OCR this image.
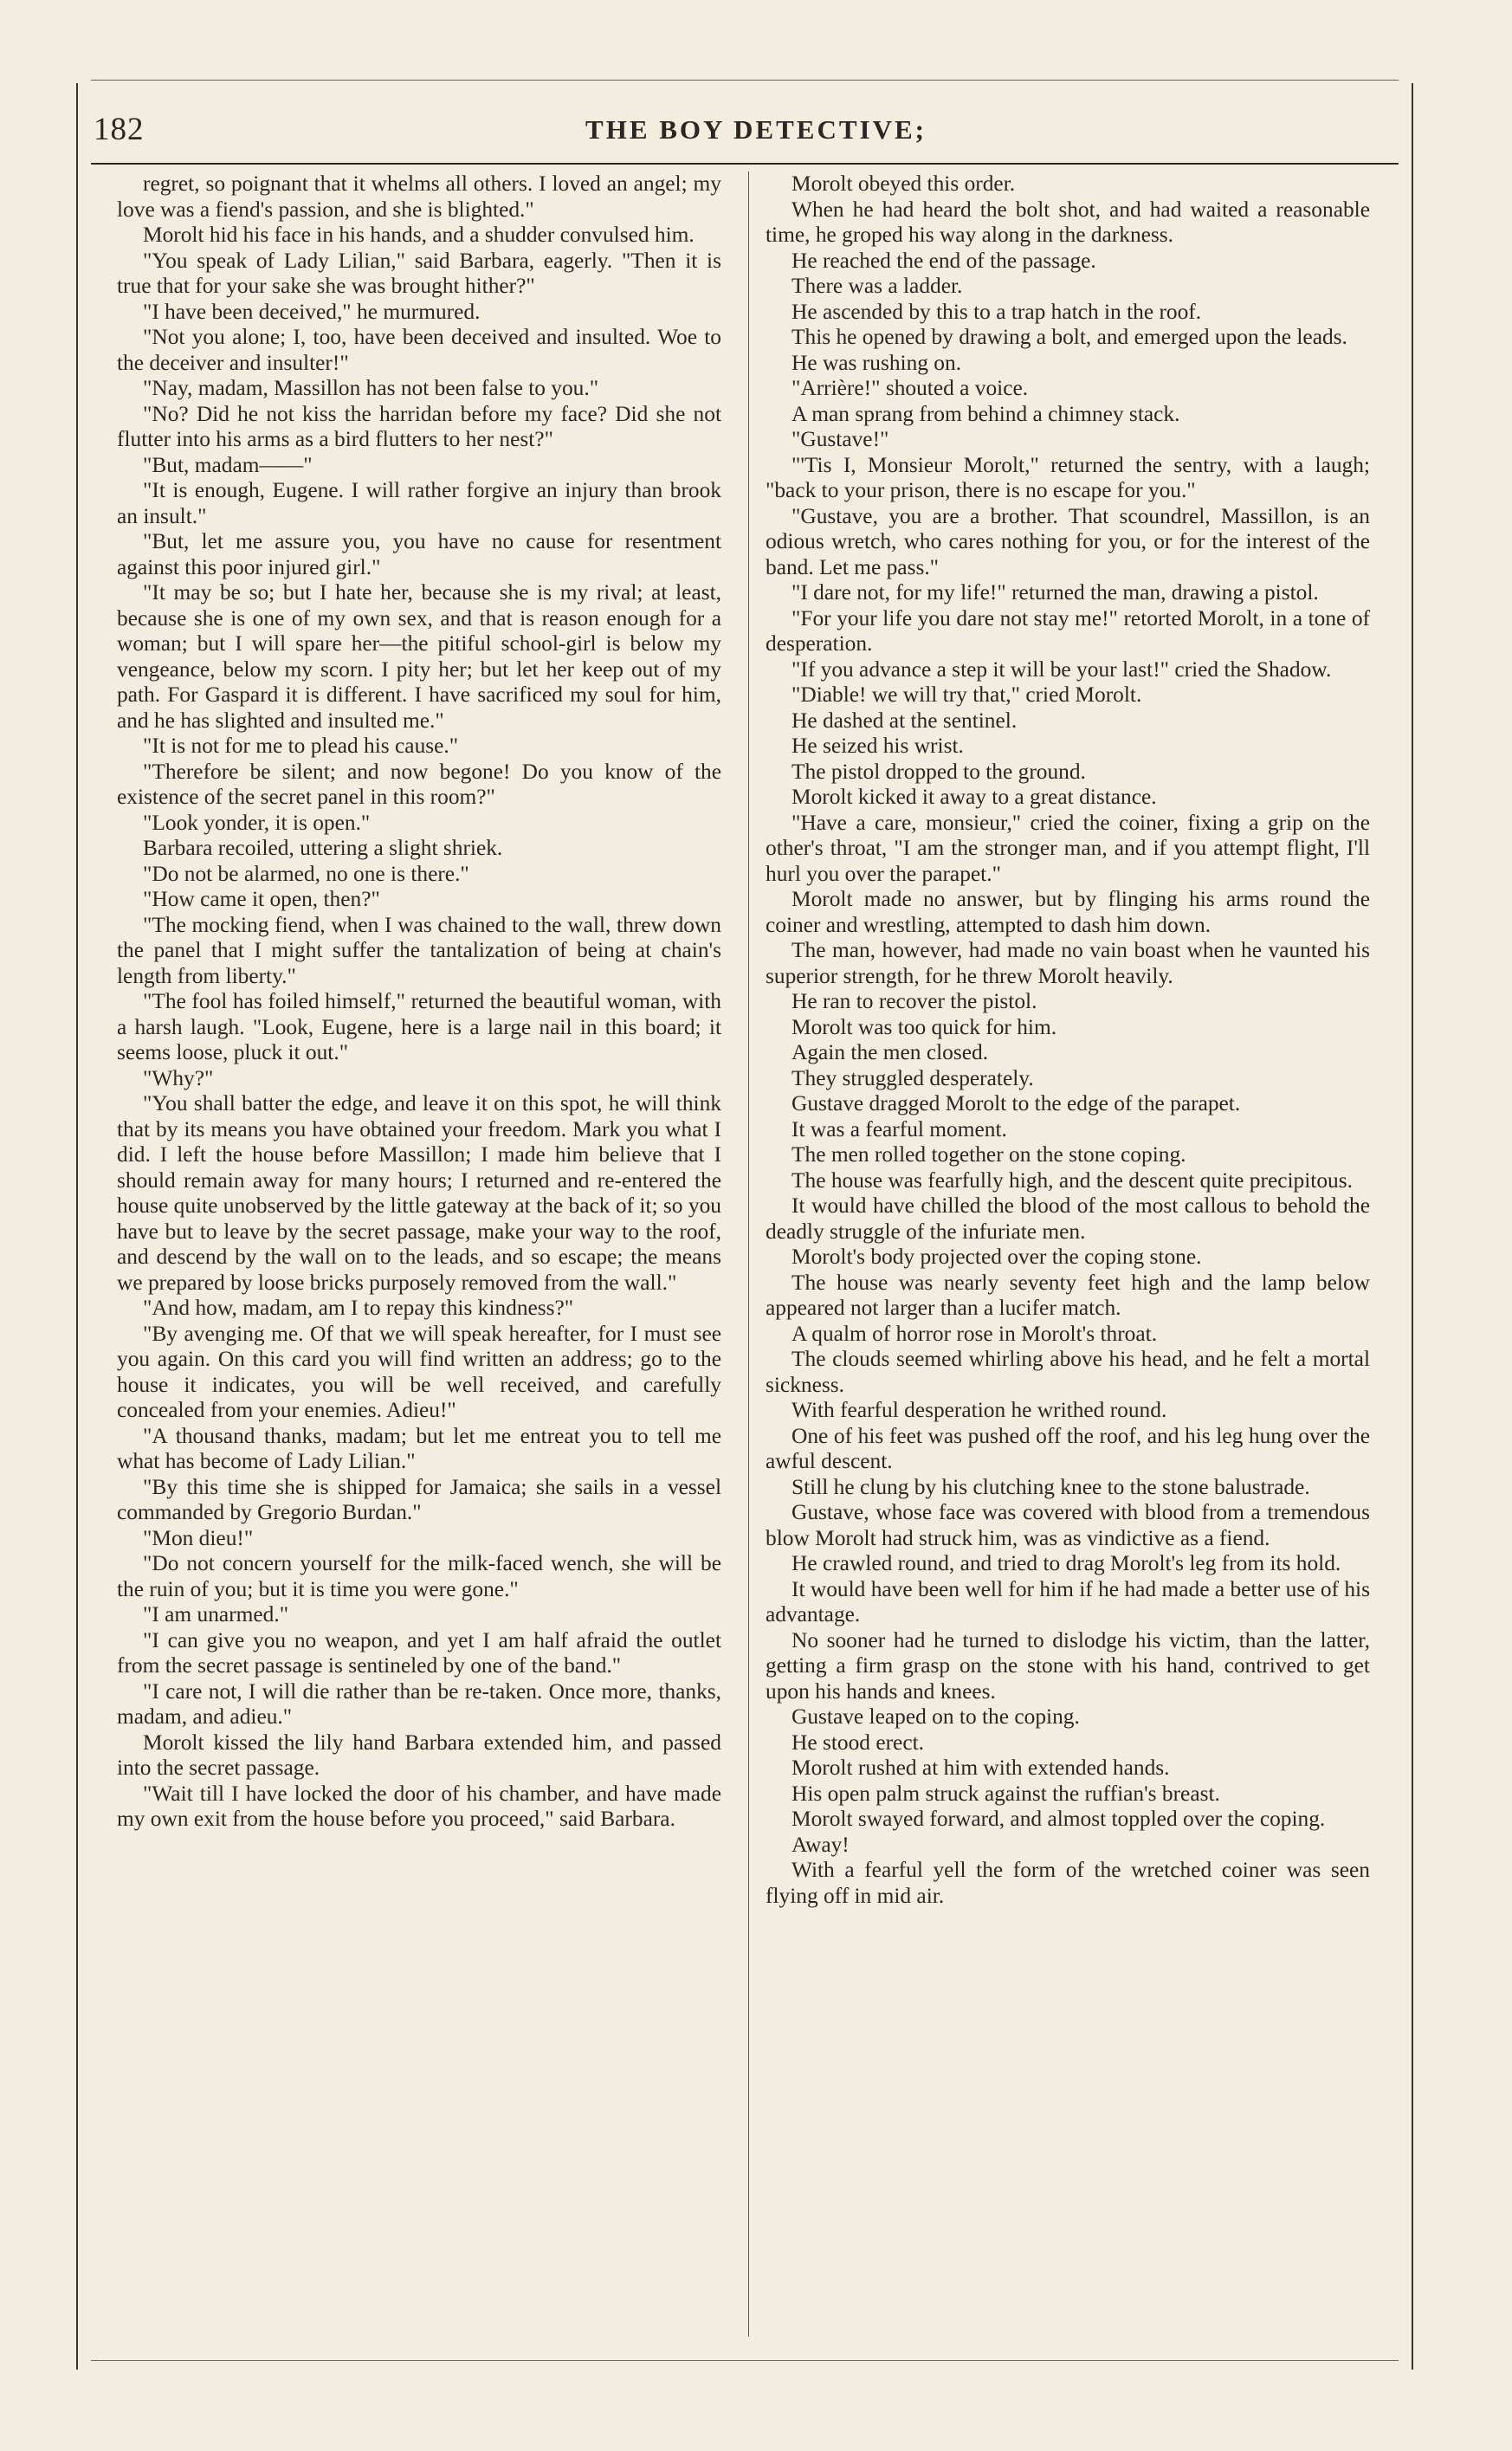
182	THE BOY DETECTIVE;

regret, so poignant that it whelms all others. I loved an angel; my love was a fiend's passion, and she is blighted."

Morolt hid his face in his hands, and a shudder convulsed him.

"You speak of Lady Lilian," said Barbara, eagerly. "Then it is true that for your sake she was brought hither?"

"I have been deceived," he murmured.

"Not you alone; I, too, have been deceived and insulted. Woe to the deceiver and insulter!"

"Nay, madam, Massillon has not been false to you."

"No? Did he not kiss the harridan before my face? Did she not flutter into his arms as a bird flutters to her nest?"

"But, madam——"

"It is enough, Eugene. I will rather forgive an injury than brook an insult."

"But, let me assure you, you have no cause for resentment against this poor injured girl."

"It may be so; but I hate her, because she is my rival; at least, because she is one of my own sex, and that is reason enough for a woman; but I will spare her—the pitiful school-girl is below my vengeance, below my scorn. I pity her; but let her keep out of my path. For Gaspard it is different. I have sacrificed my soul for him, and he has slighted and insulted me."

"It is not for me to plead his cause."

"Therefore be silent; and now begone! Do you know of the existence of the secret panel in this room?"

"Look yonder, it is open."

Barbara recoiled, uttering a slight shriek.

"Do not be alarmed, no one is there."

"How came it open, then?"

"The mocking fiend, when I was chained to the wall, threw down the panel that I might suffer the tantalization of being at chain's length from liberty."

"The fool has foiled himself," returned the beautiful woman, with a harsh laugh. "Look, Eugene, here is a large nail in this board; it seems loose, pluck it out."

"Why?"

"You shall batter the edge, and leave it on this spot, he will think that by its means you have obtained your freedom. Mark you what I did. I left the house before Massillon; I made him believe that I should remain away for many hours; I returned and re-entered the house quite unobserved by the little gateway at the back of it; so you have but to leave by the secret passage, make your way to the roof, and descend by the wall on to the leads, and so escape; the means we prepared by loose bricks purposely removed from the wall."

"And how, madam, am I to repay this kindness?"

"By avenging me. Of that we will speak hereafter, for I must see you again. On this card you will find written an address; go to the house it indicates, you will be well received, and carefully concealed from your enemies. Adieu!"

"A thousand thanks, madam; but let me entreat you to tell me what has become of Lady Lilian."

"By this time she is shipped for Jamaica; she sails in a vessel commanded by Gregorio Burdan."

"Mon dieu!"

"Do not concern yourself for the milk-faced wench, she will be the ruin of you; but it is time you were gone."

"I am unarmed."

"I can give you no weapon, and yet I am half afraid the outlet from the secret passage is sentineled by one of the band."

"I care not, I will die rather than be re-taken. Once more, thanks, madam, and adieu."

Morolt kissed the lily hand Barbara extended him, and passed into the secret passage.

"Wait till I have locked the door of his chamber, and have made my own exit from the house before you proceed," said Barbara.

Morolt obeyed this order.

When he had heard the bolt shot, and had waited a reasonable time, he groped his way along in the darkness.

He reached the end of the passage.

There was a ladder.

He ascended by this to a trap hatch in the roof.

This he opened by drawing a bolt, and emerged upon the leads.

He was rushing on.

"Arrière!" shouted a voice.

A man sprang from behind a chimney stack.

"Gustave!"

"'Tis I, Monsieur Morolt," returned the sentry, with a laugh; "back to your prison, there is no escape for you."

"Gustave, you are a brother. That scoundrel, Massillon, is an odious wretch, who cares nothing for you, or for the interest of the band. Let me pass."

"I dare not, for my life!" returned the man, drawing a pistol.

"For your life you dare not stay me!" retorted Morolt, in a tone of desperation.

"If you advance a step it will be your last!" cried the Shadow.

"Diable! we will try that," cried Morolt.

He dashed at the sentinel.

He seized his wrist.

The pistol dropped to the ground.

Morolt kicked it away to a great distance.

"Have a care, monsieur," cried the coiner, fixing a grip on the other's throat, "I am the stronger man, and if you attempt flight, I'll hurl you over the parapet."

Morolt made no answer, but by flinging his arms round the coiner and wrestling, attempted to dash him down.

The man, however, had made no vain boast when he vaunted his superior strength, for he threw Morolt heavily.

He ran to recover the pistol.

Morolt was too quick for him.

Again the men closed.

They struggled desperately.

Gustave dragged Morolt to the edge of the parapet.

It was a fearful moment.

The men rolled together on the stone coping.

The house was fearfully high, and the descent quite precipitous.

It would have chilled the blood of the most callous to behold the deadly struggle of the infuriate men.

Morolt's body projected over the coping stone.

The house was nearly seventy feet high and the lamp below appeared not larger than a lucifer match.

A qualm of horror rose in Morolt's throat.

The clouds seemed whirling above his head, and he felt a mortal sickness.

With fearful desperation he writhed round.

One of his feet was pushed off the roof, and his leg hung over the awful descent.

Still he clung by his clutching knee to the stone balustrade.

Gustave, whose face was covered with blood from a tremendous blow Morolt had struck him, was as vindictive as a fiend.

He crawled round, and tried to drag Morolt's leg from its hold.

It would have been well for him if he had made a better use of his advantage.

No sooner had he turned to dislodge his victim, than the latter, getting a firm grasp on the stone with his hand, contrived to get upon his hands and knees.

Gustave leaped on to the coping.

He stood erect.

Morolt rushed at him with extended hands.

His open palm struck against the ruffian's breast.

Morolt swayed forward, and almost toppled over the coping.

Away!

With a fearful yell the form of the wretched coiner was seen flying off in mid air.
